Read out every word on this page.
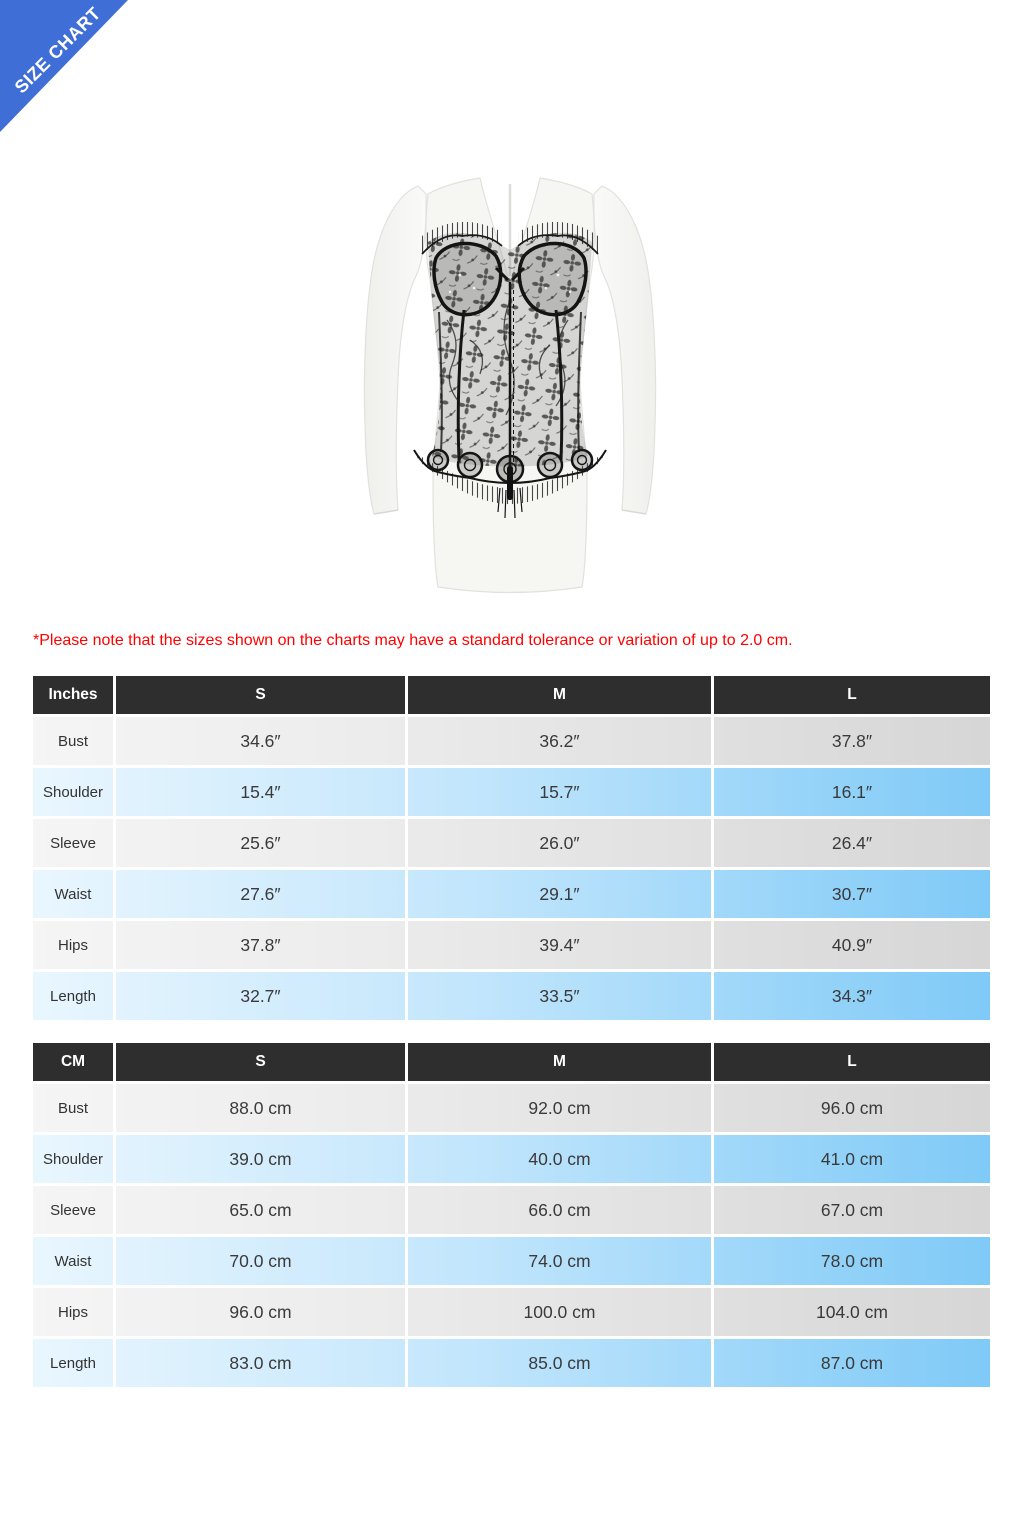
SIZE CHART
*Please note that the sizes shown on the charts may have a standard tolerance or variation of up to 2.0 cm.
Inches	S	M	L
Bust	34.6″	36.2″	37.8″
Shoulder	15.4″	15.7″	16.1″
Sleeve	25.6″	26.0″	26.4″
Waist	27.6″	29.1″	30.7″
Hips	37.8″	39.4″	40.9″
Length	32.7″	33.5″	34.3″
CM	S	M	L
Bust	88.0 cm	92.0 cm	96.0 cm
Shoulder	39.0 cm	40.0 cm	41.0 cm
Sleeve	65.0 cm	66.0 cm	67.0 cm
Waist	70.0 cm	74.0 cm	78.0 cm
Hips	96.0 cm	100.0 cm	104.0 cm
Length	83.0 cm	85.0 cm	87.0 cm
